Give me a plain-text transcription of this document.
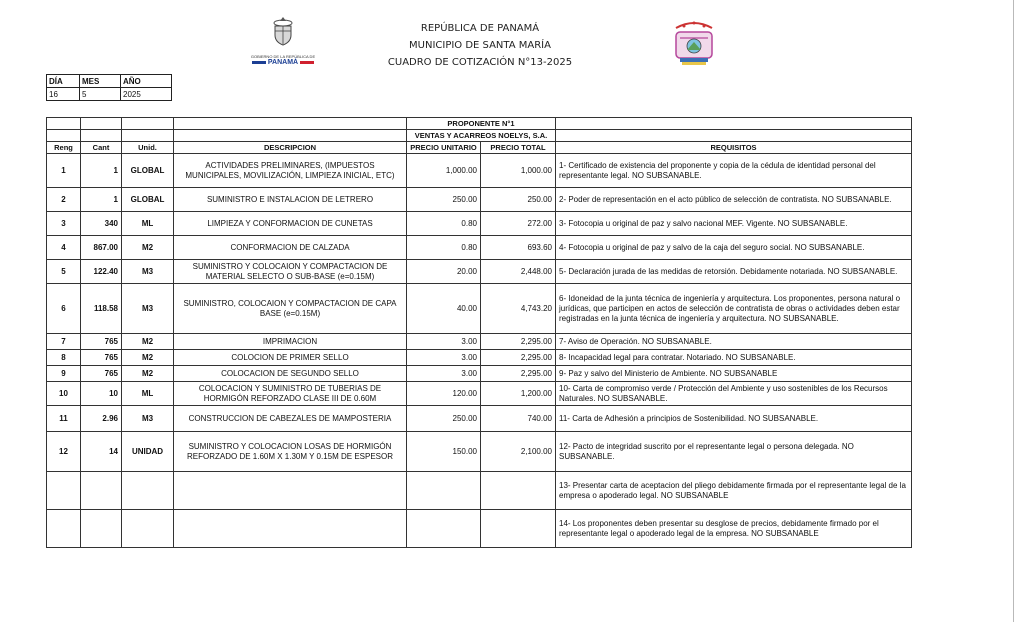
GOBIERNO DE LA REPÚBLICA DE
PANAMÁ
REPÚBLICA DE PANAMÁ
MUNICIPIO DE SANTA MARÍA
CUADRO DE COTIZACIÓN N°13-2025
DÍA	MES	AÑO
16	5	2025
				PROPONENTE N°1		
				VENTAS Y ACARREOS NOELYS, S.A.		
Reng	Cant	Unid.	DESCRIPCION	PRECIO UNITARIO	PRECIO TOTAL	REQUISITOS
1	1	GLOBAL	ACTIVIDADES PRELIMINARES, (IMPUESTOS MUNICIPALES, MOVILIZACIÓN, LIMPIEZA INICIAL, ETC)	1,000.00	1,000.00	1- Certificado de existencia del proponente y copia de la cédula de identidad personal del representante legal. NO SUBSANABLE.
2	1	GLOBAL	SUMINISTRO E INSTALACION DE LETRERO	250.00	250.00	2- Poder de representación en el acto público de selección de contratista. NO SUBSANABLE.
3	340	ML	LIMPIEZA Y CONFORMACION DE CUNETAS	0.80	272.00	3- Fotocopia u original de paz y salvo nacional MEF. Vigente. NO SUBSANABLE.
4	867.00	M2	CONFORMACION DE CALZADA	0.80	693.60	4- Fotocopia u original de paz y salvo de la caja del seguro social. NO SUBSANABLE.
5	122.40	M3	SUMINISTRO Y COLOCAION Y COMPACTACION DE MATERIAL SELECTO O SUB-BASE (e=0.15M)	20.00	2,448.00	5- Declaración jurada de las medidas de retorsión. Debidamente notariada. NO SUBSANABLE.
6	118.58	M3	SUMINISTRO, COLOCAION Y COMPACTACION DE CAPA BASE (e=0.15M)	40.00	4,743.20	6- Idoneidad de la junta técnica de ingeniería y arquitectura. Los proponentes, persona natural o jurídicas, que participen en actos de selección de contratista de obras o actividades deben estar registradas en la junta técnica de ingeniería y arquitectura. NO SUBSANABLE.
7	765	M2	IMPRIMACION	3.00	2,295.00	7- Aviso de Operación. NO SUBSANABLE.
8	765	M2	COLOCION DE PRIMER SELLO	3.00	2,295.00	8- Incapacidad legal para contratar. Notariado. NO SUBSANABLE.
9	765	M2	COLOCACION DE SEGUNDO SELLO	3.00	2,295.00	9- Paz y salvo del Ministerio de Ambiente. NO SUBSANABLE
10	10	ML	COLOCACION Y SUMINISTRO DE TUBERIAS DE HORMIGÓN REFORZADO CLASE III DE 0.60M	120.00	1,200.00	10- Carta de compromiso verde / Protección del Ambiente y uso sostenibles de los Recursos Naturales. NO SUBSANABLE.
11	2.96	M3	CONSTRUCCION DE CABEZALES DE MAMPOSTERIA	250.00	740.00	11- Carta de Adhesión a principios de Sostenibilidad. NO SUBSANABLE.
12	14	UNIDAD	SUMINISTRO Y COLOCACION LOSAS DE HORMIGÓN REFORZADO DE 1.60M X 1.30M Y 0.15M DE ESPESOR	150.00	2,100.00	12- Pacto de integridad suscrito por el representante legal o persona delegada. NO SUBSANABLE.
						13- Presentar carta de aceptacion del pliego debidamente firmada por el representante legal de la empresa o apoderado legal. NO SUBSANABLE
						14- Los proponentes deben presentar su desglose de precios, debidamente firmado por el representante legal o apoderado legal de la empresa. NO SUBSANABLE
